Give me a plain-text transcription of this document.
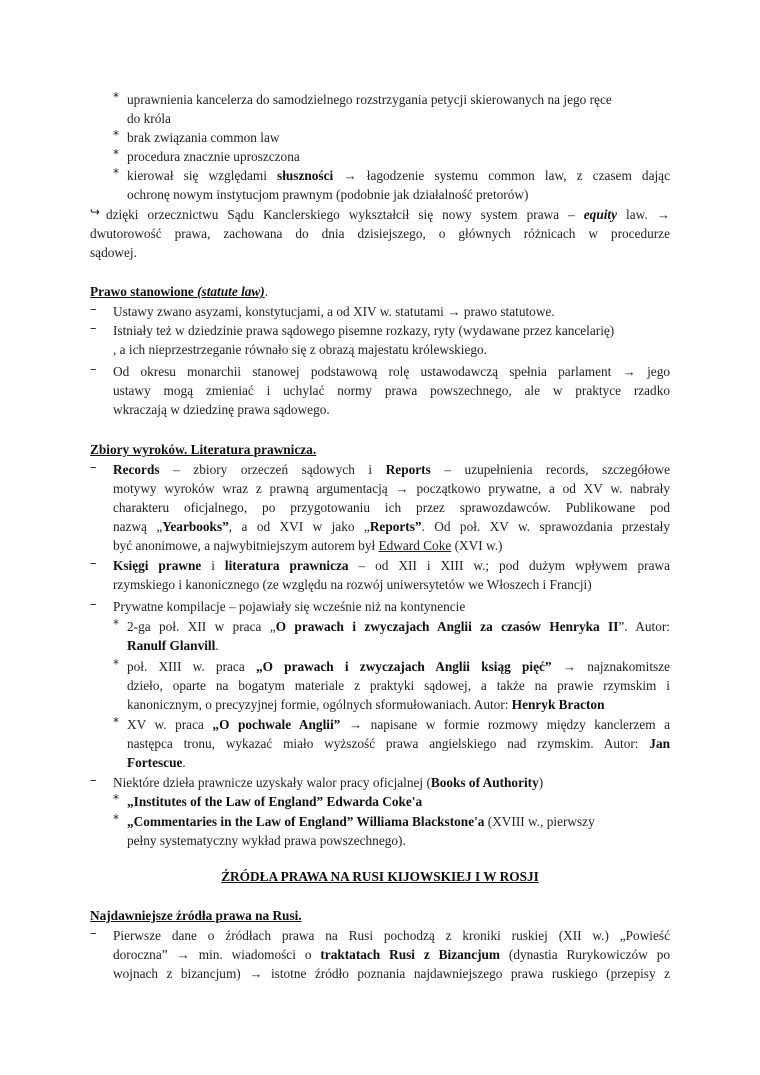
* uprawnienia kancelerza do samodzielnego rozstrzygania petycji skierowanych na jego ręce
do króla
* brak związania common law
* procedura znacznie uproszczona
* kierował się względami słuszności → łagodzenie systemu common law, z czasem dając
ochronę nowym instytucjom prawnym (podobnie jak działalność pretorów)
↪ dzięki orzecznictwu Sądu Kanclerskiego wykształcił się nowy system prawa – equity law. →
dwutorowość prawa, zachowana do dnia dzisiejszego, o głównych różnicach w procedurze
sądowej.
Prawo stanowione (statute law).
– Ustawy zwano asyzami, konstytucjami, a od XIV w. statutami → prawo statutowe.
– Istniały też w dziedzinie prawa sądowego pisemne rozkazy, ryty (wydawane przez kancelarię)
, a ich nieprzestrzeganie równało się z obrazą majestatu królewskiego.
– Od okresu monarchii stanowej podstawową rolę ustawodawczą spełnia parlament → jego
ustawy mogą zmieniać i uchylać normy prawa powszechnego, ale w praktyce rzadko
wkraczają w dziedzinę prawa sądowego.
Zbiory wyroków. Literatura prawnicza.
– Records – zbiory orzeczeń sądowych i Reports – uzupełnienia records, szczegółowe
motywy wyroków wraz z prawną argumentacją → początkowo prywatne, a od XV w. nabrały
charakteru oficjalnego, po przygotowaniu ich przez sprawozdawców. Publikowane pod
nazwą „Yearbooks”, a od XVI w jako „Reports”. Od poł. XV w. sprawozdania przestały
być anonimowe, a najwybitniejszym autorem był Edward Coke (XVI w.)
– Księgi prawne i literatura prawnicza – od XII i XIII w.; pod dużym wpływem prawa
rzymskiego i kanonicznego (ze względu na rozwój uniwersytetów we Włoszech i Francji)
– Prywatne kompilacje – pojawiały się wcześnie niż na kontynencie
* 2-ga poł. XII w praca „O prawach i zwyczajach Anglii za czasów Henryka II”. Autor:
Ranulf Glanvill.
* poł. XIII w. praca „O prawach i zwyczajach Anglii ksiąg pięć” → najznakomitsze
dzieło, oparte na bogatym materiale z praktyki sądowej, a także na prawie rzymskim i
kanonicznym, o precyzyjnej formie, ogólnych sformułowaniach. Autor: Henryk Bracton
* XV w. praca „O pochwale Anglii” → napisane w formie rozmowy między kanclerzem a
następca tronu, wykazać miało wyższość prawa angielskiego nad rzymskim. Autor: Jan
Fortescue.
– Niektóre dzieła prawnicze uzyskały walor pracy oficjalnej (Books of Authority)
* „Institutes of the Law of England” Edwarda Coke'a
* „Commentaries in the Law of England” Williama Blackstone'a (XVIII w., pierwszy
pełny systematyczny wykład prawa powszechnego).
ŹRÓDŁA PRAWA NA RUSI KIJOWSKIEJ I W ROSJI
Najdawniejsze źródła prawa na Rusi.
– Pierwsze dane o źródłach prawa na Rusi pochodzą z kroniki ruskiej (XII w.) „Powieść
doroczna” → min. wiadomości o traktatach Rusi z Bizancjum (dynastia Rurykowiczów po
wojnach z bizancjum) → istotne źródło poznania najdawniejszego prawa ruskiego (przepisy z
